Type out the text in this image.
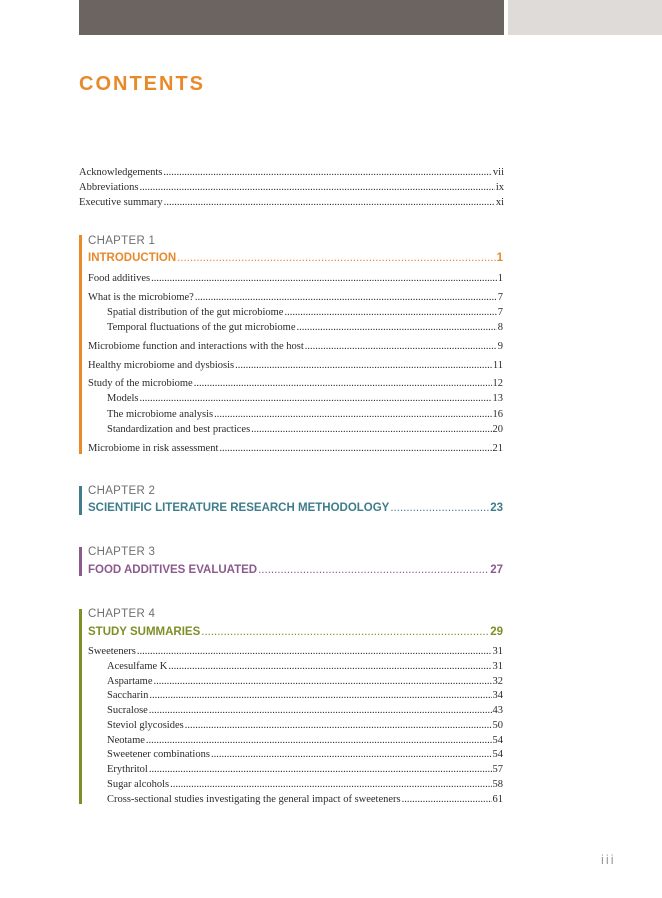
CONTENTS
Acknowledgements .....	vii
Abbreviations .....	ix
Executive summary .....	xi
CHAPTER 1
INTRODUCTION .....	1
Food additives .....	1
What is the microbiome? .....	7
Spatial distribution of the gut microbiome .....	7
Temporal fluctuations of the gut microbiome .....	8
Microbiome function and interactions with the host .....	9
Healthy microbiome and dysbiosis .....	11
Study of the microbiome .....	12
Models .....	13
The microbiome analysis .....	16
Standardization and best practices .....	20
Microbiome in risk assessment .....	21
CHAPTER 2
SCIENTIFIC LITERATURE RESEARCH METHODOLOGY .....	23
CHAPTER 3
FOOD ADDITIVES EVALUATED .....	27
CHAPTER 4
STUDY SUMMARIES .....	29
Sweeteners .....	31
Acesulfame K .....	31
Aspartame .....	32
Saccharin .....	34
Sucralose .....	43
Steviol glycosides .....	50
Neotame .....	54
Sweetener combinations .....	54
Erythritol .....	57
Sugar alcohols .....	58
Cross-sectional studies investigating the general impact of sweeteners .....	61
iii
